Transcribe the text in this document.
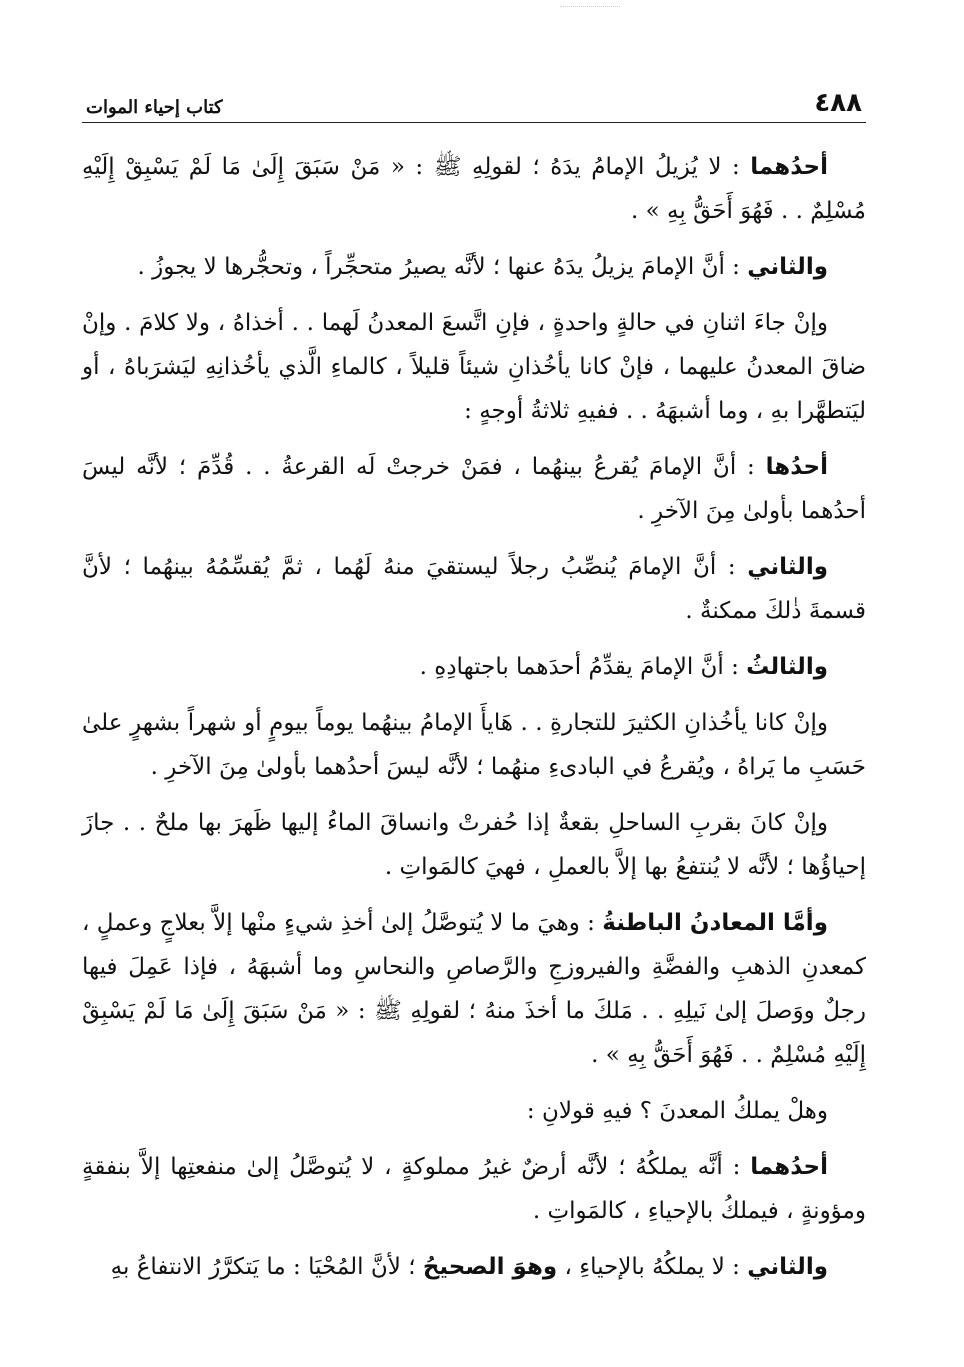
٤٨٨
كتاب إحياء الموات

أحدُهما : لا يُزيلُ الإمامُ يدَهُ ؛ لقولِهِ ﷺ : « مَنْ سَبَقَ إِلَىٰ مَا لَمْ يَسْبِقْ إِلَيْهِ مُسْلِمٌ . . فَهُوَ أَحَقُّ بِهِ » .

والثاني : أنَّ الإمامَ يزيلُ يدَهُ عنها ؛ لأنَّه يصيرُ متحجِّراً ، وتحجُّرها لا يجوزُ .

وإنْ جاءَ اثنانِ في حالةٍ واحدةٍ ، فإنِ اتَّسعَ المعدنُ لَهما . . أخذاهُ ، ولا كلامَ . وإنْ ضاقَ المعدنُ عليهما ، فإنْ كانا يأخُذانِ شيئاً قليلاً ، كالماءِ الَّذي يأخُذانِهِ ليَشرَباهُ ، أو ليَتطهَّرا بهِ ، وما أشبهَهُ . . ففيهِ ثلاثةُ أوجهٍ :

أحدُها : أنَّ الإمامَ يُقرعُ بينهُما ، فمَنْ خرجتْ لَه القرعةُ . . قُدِّمَ ؛ لأنَّه ليسَ أحدُهما بأولىٰ مِنَ الآخرِ .

والثاني : أنَّ الإمامَ يُنصِّبُ رجلاً ليستقيَ منهُ لَهُما ، ثمَّ يُقسِّمُهُ بينهُما ؛ لأنَّ قسمةَ ذٰلكَ ممكنةٌ .

والثالثُ : أنَّ الإمامَ يقدِّمُ أحدَهما باجتهادِهِ .

وإنْ كانا يأخُذانِ الكثيرَ للتجارةِ . . هَايأَ الإمامُ بينهُما يوماً بيومٍ أو شهراً بشهرٍ علىٰ حَسَبِ ما يَراهُ ، ويُقرعُ في البادىءِ منهُما ؛ لأنَّه ليسَ أحدُهما بأولىٰ مِنَ الآخرِ .

وإنْ كانَ بقربِ الساحلِ بقعةٌ إذا حُفرتْ وانساقَ الماءُ إليها ظَهرَ بها ملحٌ . . جازَ إحياؤُها ؛ لأنَّه لا يُنتفعُ بها إلاَّ بالعملِ ، فهيَ كالمَواتِ .

وأمَّا المعادنُ الباطنةُ : وهيَ ما لا يُتوصَّلُ إلىٰ أخذِ شيءٍ منْها إلاَّ بعلاجٍ وعملٍ ، كمعدنِ الذهبِ والفضَّةِ والفيروزجِ والرَّصاصِ والنحاسِ وما أشبهَهُ ، فإذا عَمِلَ فيها رجلٌ ووَصلَ إلىٰ نَيلِهِ . . مَلكَ ما أخذَ منهُ ؛ لقولِهِ ﷺ : « مَنْ سَبَقَ إِلَىٰ مَا لَمْ يَسْبِقْ إِلَيْهِ مُسْلِمٌ . . فَهُوَ أَحَقُّ بِهِ » .

وهلْ يملكُ المعدنَ ؟ فيهِ قولانِ :

أحدُهما : أنَّه يملكُهُ ؛ لأنَّه أرضٌ غيرُ مملوكةٍ ، لا يُتوصَّلُ إلىٰ منفعتِها إلاَّ بنفقةٍ ومؤونةٍ ، فيملكُ بالإحياءِ ، كالمَواتِ .

والثاني : لا يملكُهُ بالإحياءِ ، وهوَ الصحيحُ ؛ لأنَّ المُحْيَا : ما يَتكرَّرُ الانتفاعُ بهِ
